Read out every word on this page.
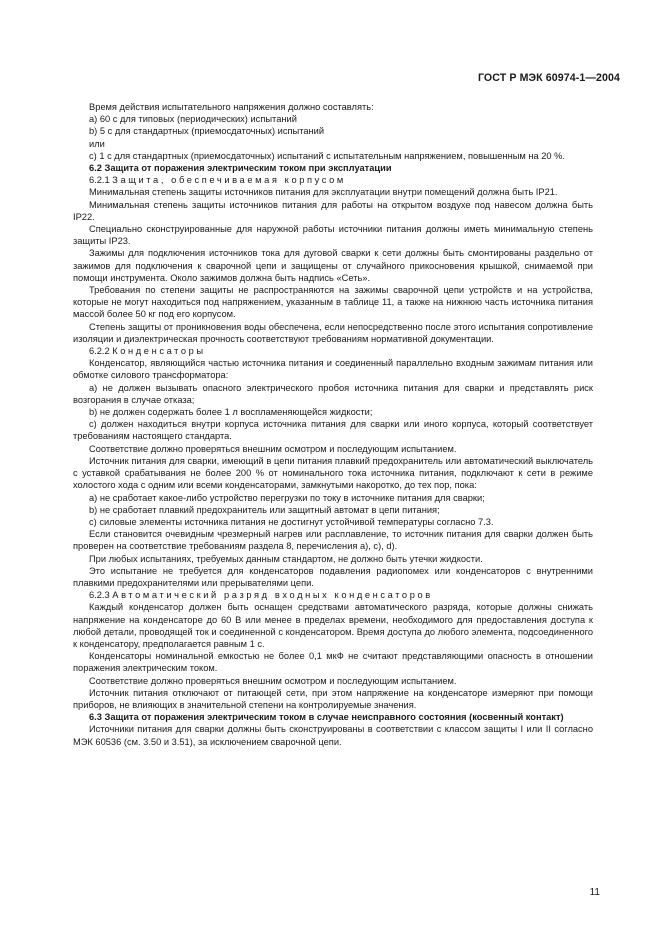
ГОСТ Р МЭК 60974-1—2004

Время действия испытательного напряжения должно составлять:

а) 60 с для типовых (периодических) испытаний

b) 5 с для стандартных (приемосдаточных) испытаний

или

с) 1 с для стандартных (приемосдаточных) испытаний с испытательным напряжением, повышенным на 20 %.

6.2 Защита от поражения электрическим током при эксплуатации

6.2.1 Защита, обеспечиваемая корпусом

Минимальная степень защиты источников питания для эксплуатации внутри помещений должна быть IP21.

Минимальная степень защиты источников питания для работы на открытом воздухе под навесом должна быть IP22.

Специально сконструированные для наружной работы источники питания должны иметь минимальную степень защиты IP23.

Зажимы для подключения источников тока для дуговой сварки к сети должны быть смонтированы раздельно от зажимов для подключения к сварочной цепи и защищены от случайного прикосновения крышкой, снимаемой при помощи инструмента. Около зажимов должна быть надпись «Сеть».

Требования по степени защиты не распространяются на зажимы сварочной цепи устройств и на устройства, которые не могут находиться под напряжением, указанным в таблице 11, а также на нижнюю часть источника питания массой более 50 кг под его корпусом.

Степень защиты от проникновения воды обеспечена, если непосредственно после этого испытания сопротивление изоляции и диэлектрическая прочность соответствуют требованиям нормативной документации.

6.2.2 Конденсаторы

Конденсатор, являющийся частью источника питания и соединенный параллельно входным зажимам питания или обмотке силового трансформатора:

а) не должен вызывать опасного электрического пробоя источника питания для сварки и представлять риск возгорания в случае отказа;

b) не должен содержать более 1 л воспламеняющейся жидкости;

с) должен находиться внутри корпуса источника питания для сварки или иного корпуса, который соответствует требованиям настоящего стандарта.

Соответствие должно проверяться внешним осмотром и последующим испытанием.

Источник питания для сварки, имеющий в цепи питания плавкий предохранитель или автоматический выключатель с уставкой срабатывания не более 200 % от номинального тока источника питания, подключают к сети в режиме холостого хода с одним или всеми конденсаторами, замкнутыми накоротко, до тех пор, пока:

а) не сработает какое-либо устройство перегрузки по току в источнике питания для сварки;

b) не сработает плавкий предохранитель или защитный автомат в цепи питания;

с) силовые элементы источника питания не достигнут устойчивой температуры согласно 7.3.

Если становится очевидным чрезмерный нагрев или расплавление, то источник питания для сварки должен быть проверен на соответствие требованиям раздела 8, перечисления а), с), d).

При любых испытаниях, требуемых данным стандартом, не должно быть утечки жидкости.

Это испытание не требуется для конденсаторов подавления радиопомех или конденсаторов с внутренними плавкими предохранителями или прерывателями цепи.

6.2.3 Автоматический разряд входных конденсаторов

Каждый конденсатор должен быть оснащен средствами автоматического разряда, которые должны снижать напряжение на конденсаторе до 60 В или менее в пределах времени, необходимого для предоставления доступа к любой детали, проводящей ток и соединенной с конденсатором. Время доступа до любого элемента, подсоединенного к конденсатору, предполагается равным 1 с.

Конденсаторы номинальной емкостью не более 0,1 мкФ не считают представляющими опасность в отношении поражения электрическим током.

Соответствие должно проверяться внешним осмотром и последующим испытанием.

Источник питания отключают от питающей сети, при этом напряжение на конденсаторе измеряют при помощи приборов, не влияющих в значительной степени на контролируемые значения.

6.3 Защита от поражения электрическим током в случае неисправного состояния (косвенный контакт)

Источники питания для сварки должны быть сконструированы в соответствии с классом защиты I или II согласно МЭК 60536 (см. 3.50 и 3.51), за исключением сварочной цепи.

11
